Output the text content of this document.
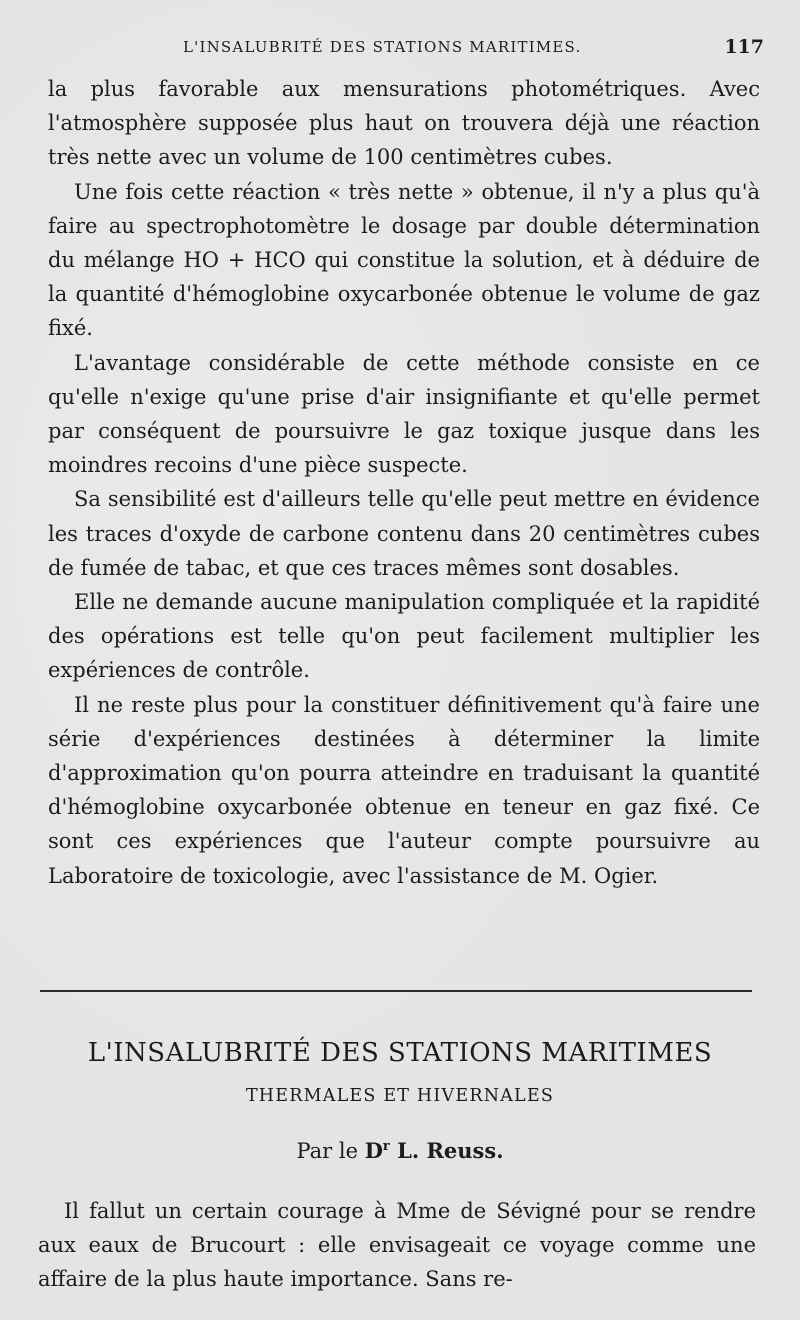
L'INSALUBRITÉ DES STATIONS MARITIMES.	117

la plus favorable aux mensurations photométriques. Avec l'atmosphère supposée plus haut on trouvera déjà une réaction très nette avec un volume de 100 centimètres cubes.

Une fois cette réaction « très nette » obtenue, il n'y a plus qu'à faire au spectrophotomètre le dosage par double détermination du mélange HO + HCO qui constitue la solution, et à déduire de la quantité d'hémoglobine oxycarbonée obtenue le volume de gaz fixé.

L'avantage considérable de cette méthode consiste en ce qu'elle n'exige qu'une prise d'air insignifiante et qu'elle permet par conséquent de poursuivre le gaz toxique jusque dans les moindres recoins d'une pièce suspecte.

Sa sensibilité est d'ailleurs telle qu'elle peut mettre en évidence les traces d'oxyde de carbone contenu dans 20 centimètres cubes de fumée de tabac, et que ces traces mêmes sont dosables.

Elle ne demande aucune manipulation compliquée et la rapidité des opérations est telle qu'on peut facilement multiplier les expériences de contrôle.

Il ne reste plus pour la constituer définitivement qu'à faire une série d'expériences destinées à déterminer la limite d'approximation qu'on pourra atteindre en traduisant la quantité d'hémoglobine oxycarbonée obtenue en teneur en gaz fixé. Ce sont ces expériences que l'auteur compte poursuivre au Laboratoire de toxicologie, avec l'assistance de M. Ogier.

L'INSALUBRITÉ DES STATIONS MARITIMES
THERMALES ET HIVERNALES
Par le $D^r$ L. Reuss.

Il fallut un certain courage à Mme de Sévigné pour se rendre aux eaux de Brucourt : elle envisageait ce voyage comme une affaire de la plus haute importance. Sans re-
